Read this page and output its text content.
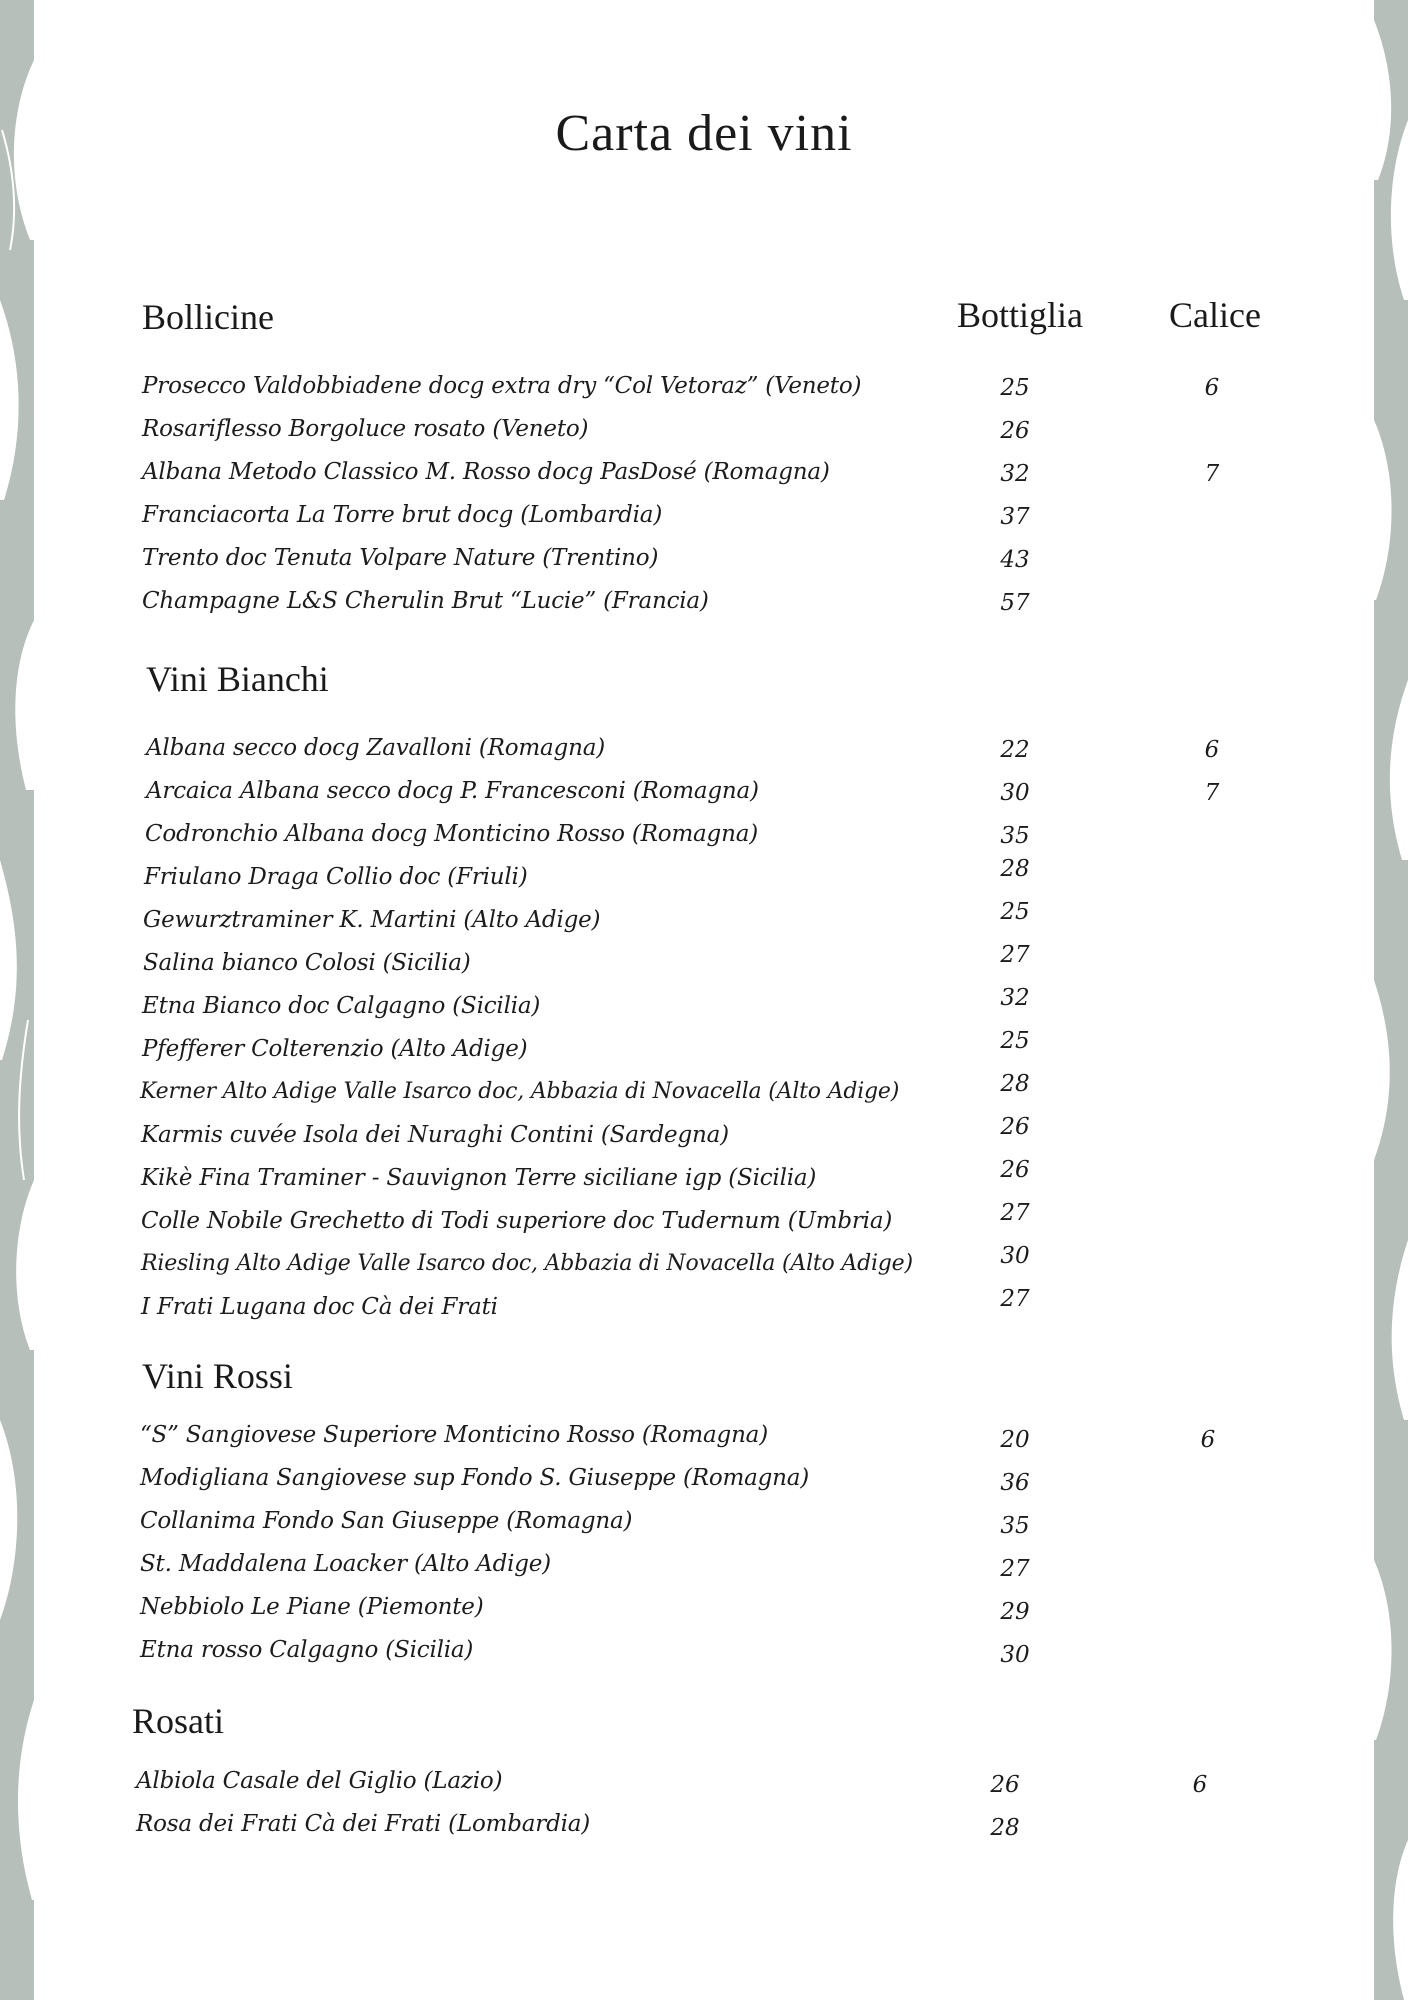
Carta dei vini
Bottiglia Calice
Bollicine
Prosecco Valdobbiadene docg extra dry “Col Vetoraz” (Veneto)	25	6
Rosariflesso Borgoluce rosato (Veneto)	26
Albana Metodo Classico M. Rosso docg PasDosé (Romagna)	32	7
Franciacorta La Torre brut docg (Lombardia)	37
Trento doc Tenuta Volpare Nature (Trentino)	43
Champagne L&S Cherulin Brut “Lucie” (Francia)	57
Vini Bianchi
Albana secco docg Zavalloni (Romagna)	22	6
Arcaica Albana secco docg P. Francesconi (Romagna)	30	7
Codronchio Albana docg Monticino Rosso (Romagna)	35
Friulano Draga Collio doc (Friuli)	28
Gewurztraminer K. Martini (Alto Adige)	25
Salina bianco Colosi (Sicilia)	27
Etna Bianco doc Calgagno (Sicilia)	32
Pfefferer Colterenzio (Alto Adige)	25
Kerner Alto Adige Valle Isarco doc, Abbazia di Novacella (Alto Adige)	28
Karmis cuvée Isola dei Nuraghi Contini (Sardegna)	26
Kikè Fina Traminer - Sauvignon Terre siciliane igp (Sicilia)	26
Colle Nobile Grechetto di Todi superiore doc Tudernum (Umbria)	27
Riesling Alto Adige Valle Isarco doc, Abbazia di Novacella (Alto Adige)	30
I Frati Lugana doc Cà dei Frati	27
Vini Rossi
“S” Sangiovese Superiore Monticino Rosso (Romagna)	20	6
Modigliana Sangiovese sup Fondo S. Giuseppe (Romagna)	36
Collanima Fondo San Giuseppe (Romagna)	35
St. Maddalena Loacker (Alto Adige)	27
Nebbiolo Le Piane (Piemonte)	29
Etna rosso Calgagno (Sicilia)	30
Rosati
Albiola Casale del Giglio (Lazio)	26	6
Rosa dei Frati Cà dei Frati (Lombardia)	28
